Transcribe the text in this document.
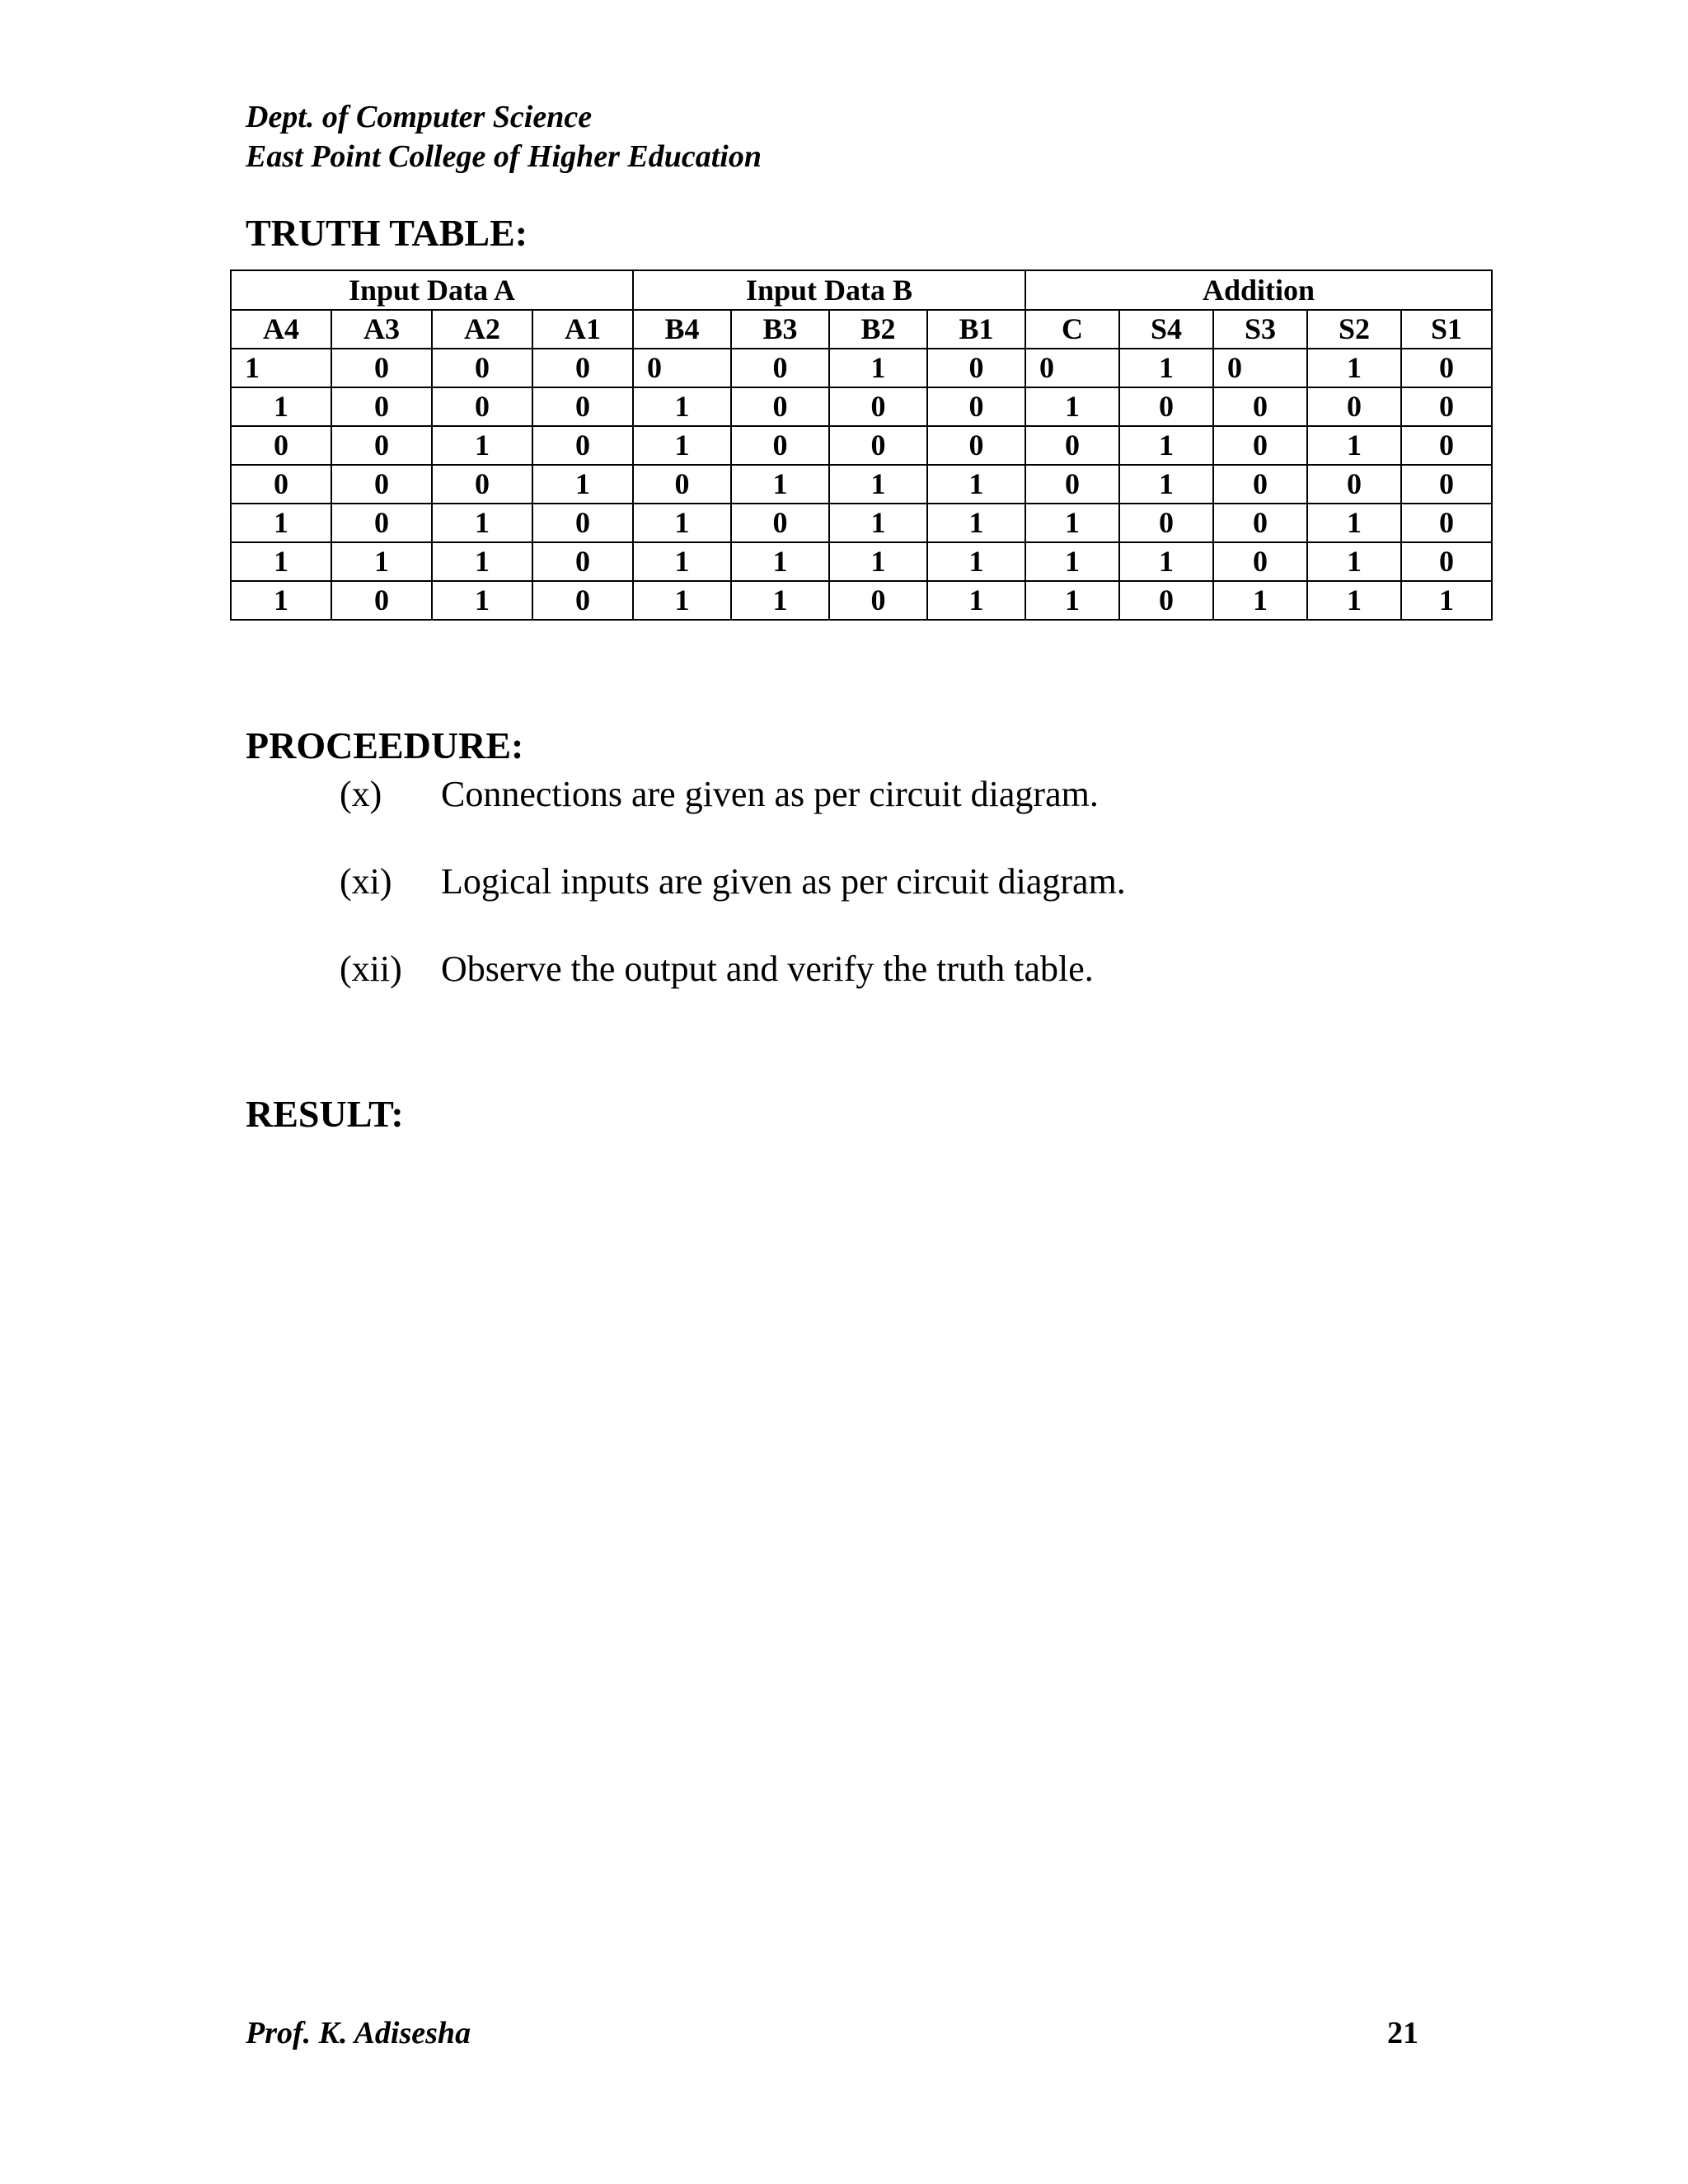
Dept. of Computer Science
East Point College of Higher Education
TRUTH TABLE:
Input Data A				Input Data B				Addition				
A4	A3	A2	A1	B4	B3	B2	B1	C	S4	S3	S2	S1
1	0	0	0	0	0	1	0	0	1	0	1	0
1	0	0	0	1	0	0	0	1	0	0	0	0
0	0	1	0	1	0	0	0	0	1	0	1	0
0	0	0	1	0	1	1	1	0	1	0	0	0
1	0	1	0	1	0	1	1	1	0	0	1	0
1	1	1	0	1	1	1	1	1	1	0	1	0
1	0	1	0	1	1	0	1	1	0	1	1	1
PROCEEDURE:
(x)	Connections are given as per circuit diagram.
(xi)	Logical inputs are given as per circuit diagram.
(xii)	Observe the output and verify the truth table.
RESULT:
Prof. K. Adisesha	21
